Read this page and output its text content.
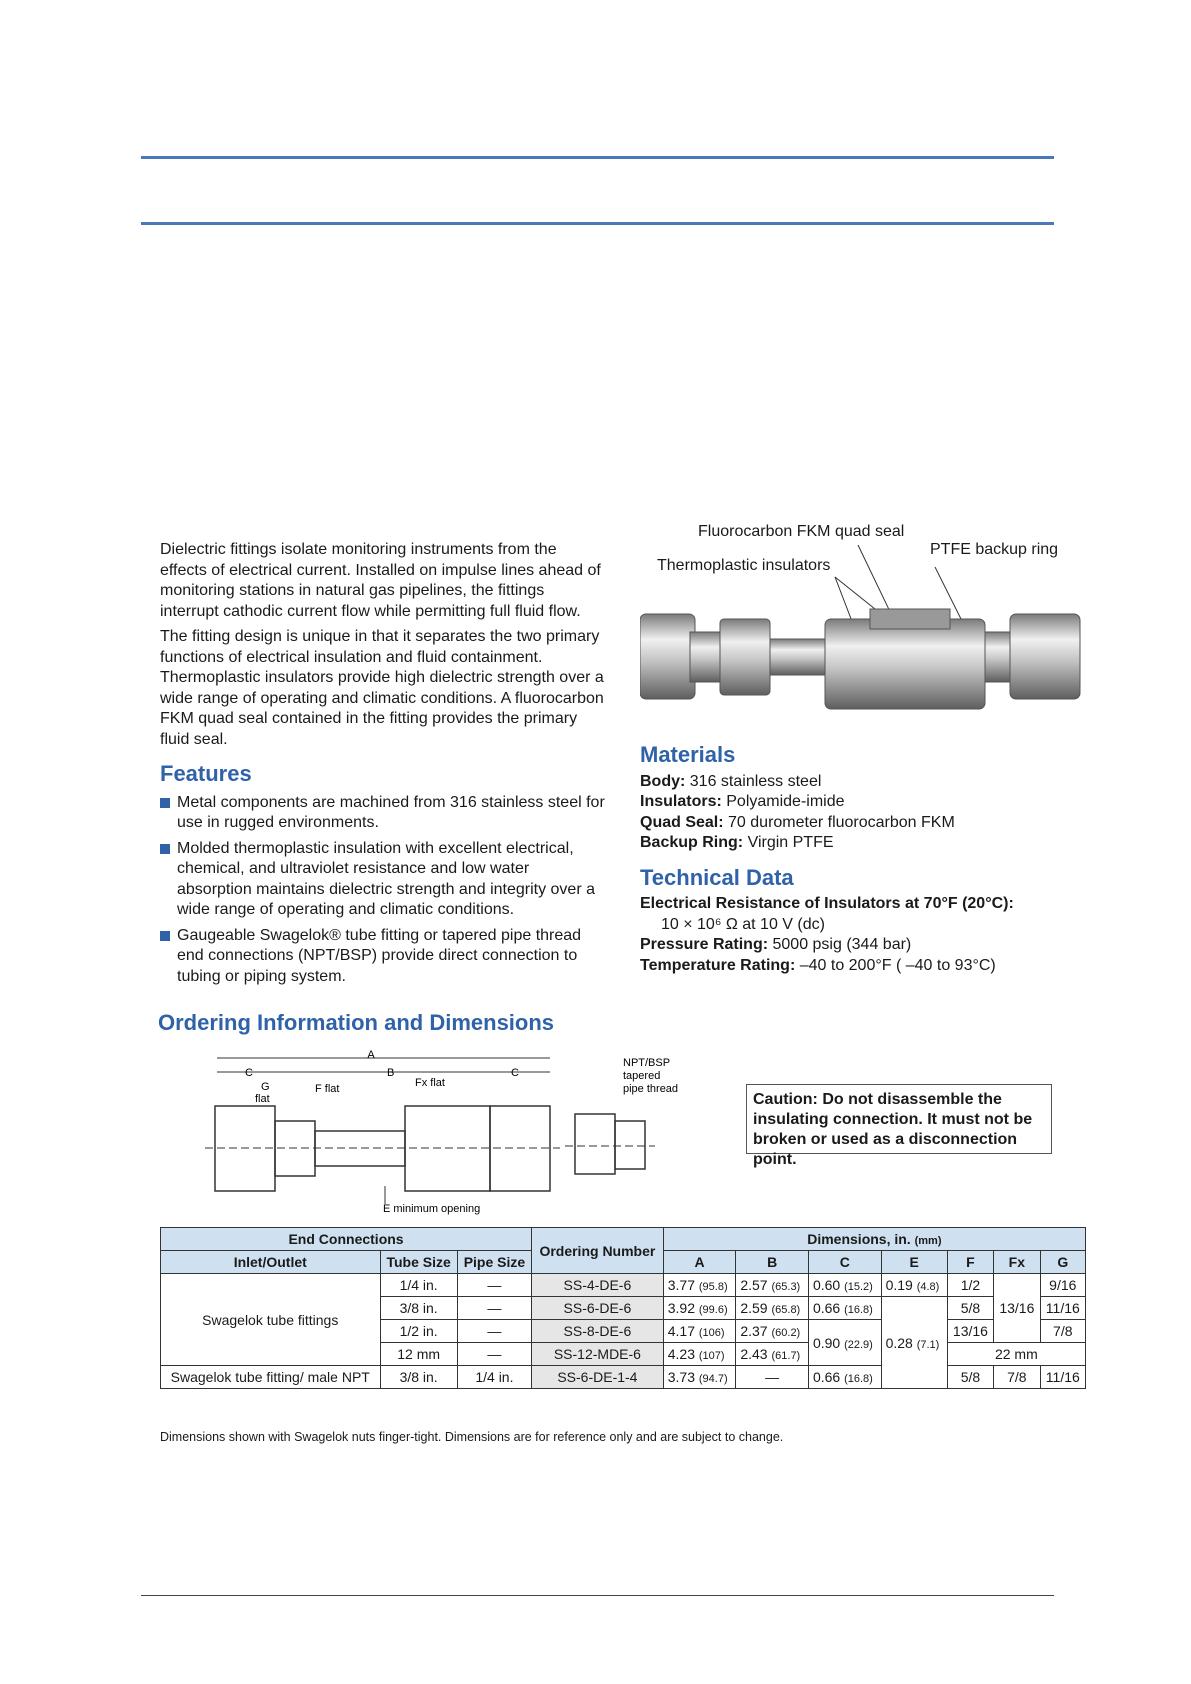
Dielectric fittings isolate monitoring instruments from the effects of electrical current. Installed on impulse lines ahead of monitoring stations in natural gas pipelines, the fittings interrupt cathodic current flow while permitting full fluid flow.

The fitting design is unique in that it separates the two primary functions of electrical insulation and fluid containment. Thermoplastic insulators provide high dielectric strength over a wide range of operating and climatic conditions. A fluorocarbon FKM quad seal contained in the fitting provides the primary fluid seal.

Features
Metal components are machined from 316 stainless steel for use in rugged environments.
Molded thermoplastic insulation with excellent electrical, chemical, and ultraviolet resistance and low water absorption maintains dielectric strength and integrity over a wide range of operating and climatic conditions.
Gaugeable Swagelok® tube fitting or tapered pipe thread end connections (NPT/BSP) provide direct connection to tubing or piping system.
Fluorocarbon FKM quad seal
PTFE backup ring
Thermoplastic insulators
Materials

Body: 316 stainless steel

Insulators: Polyamide-imide

Quad Seal: 70 durometer fluorocarbon FKM

Backup Ring: Virgin PTFE

Technical Data

Electrical Resistance of Insulators at 70°F (20°C):

10 × 10⁶ Ω at 10 V (dc)

Pressure Rating: 5000 psig (344 bar)

Temperature Rating: –40 to 200°F ( –40 to 93°C)

Ordering Information and Dimensions
A
C	B	C
G
flat
F flat	Fx flat
E minimum opening
NPT/BSP
tapered
pipe thread
Caution: Do not disassemble the insulating connection. It must not be broken or used as a disconnection point.
End Connections			Ordering Number	Dimensions, in. (mm)						
Inlet/Outlet	Tube Size	Pipe Size		A	B	C	E	F	Fx	G
Swagelok tube fittings	1/4 in.	—	SS-4-DE-6	3.77 (95.8)	2.57 (65.3)	0.60 (15.2)	0.19 (4.8)	1/2	13/16	9/16
	3/8 in.	—	SS-6-DE-6	3.92 (99.6)	2.59 (65.8)	0.66 (16.8)	0.28 (7.1)	5/8		11/16
	1/2 in.	—	SS-8-DE-6	4.17 (106)	2.37 (60.2)	0.90 (22.9)		13/16		7/8
	12 mm	—	SS-12-MDE-6	4.23 (107)	2.43 (61.7)			22 mm		
Swagelok tube fitting/ male NPT	3/8 in.	1/4 in.	SS-6-DE-1-4	3.73 (94.7)	—	0.66 (16.8)		5/8	7/8	11/16
Dimensions shown with Swagelok nuts finger-tight. Dimensions are for reference only and are subject to change.
